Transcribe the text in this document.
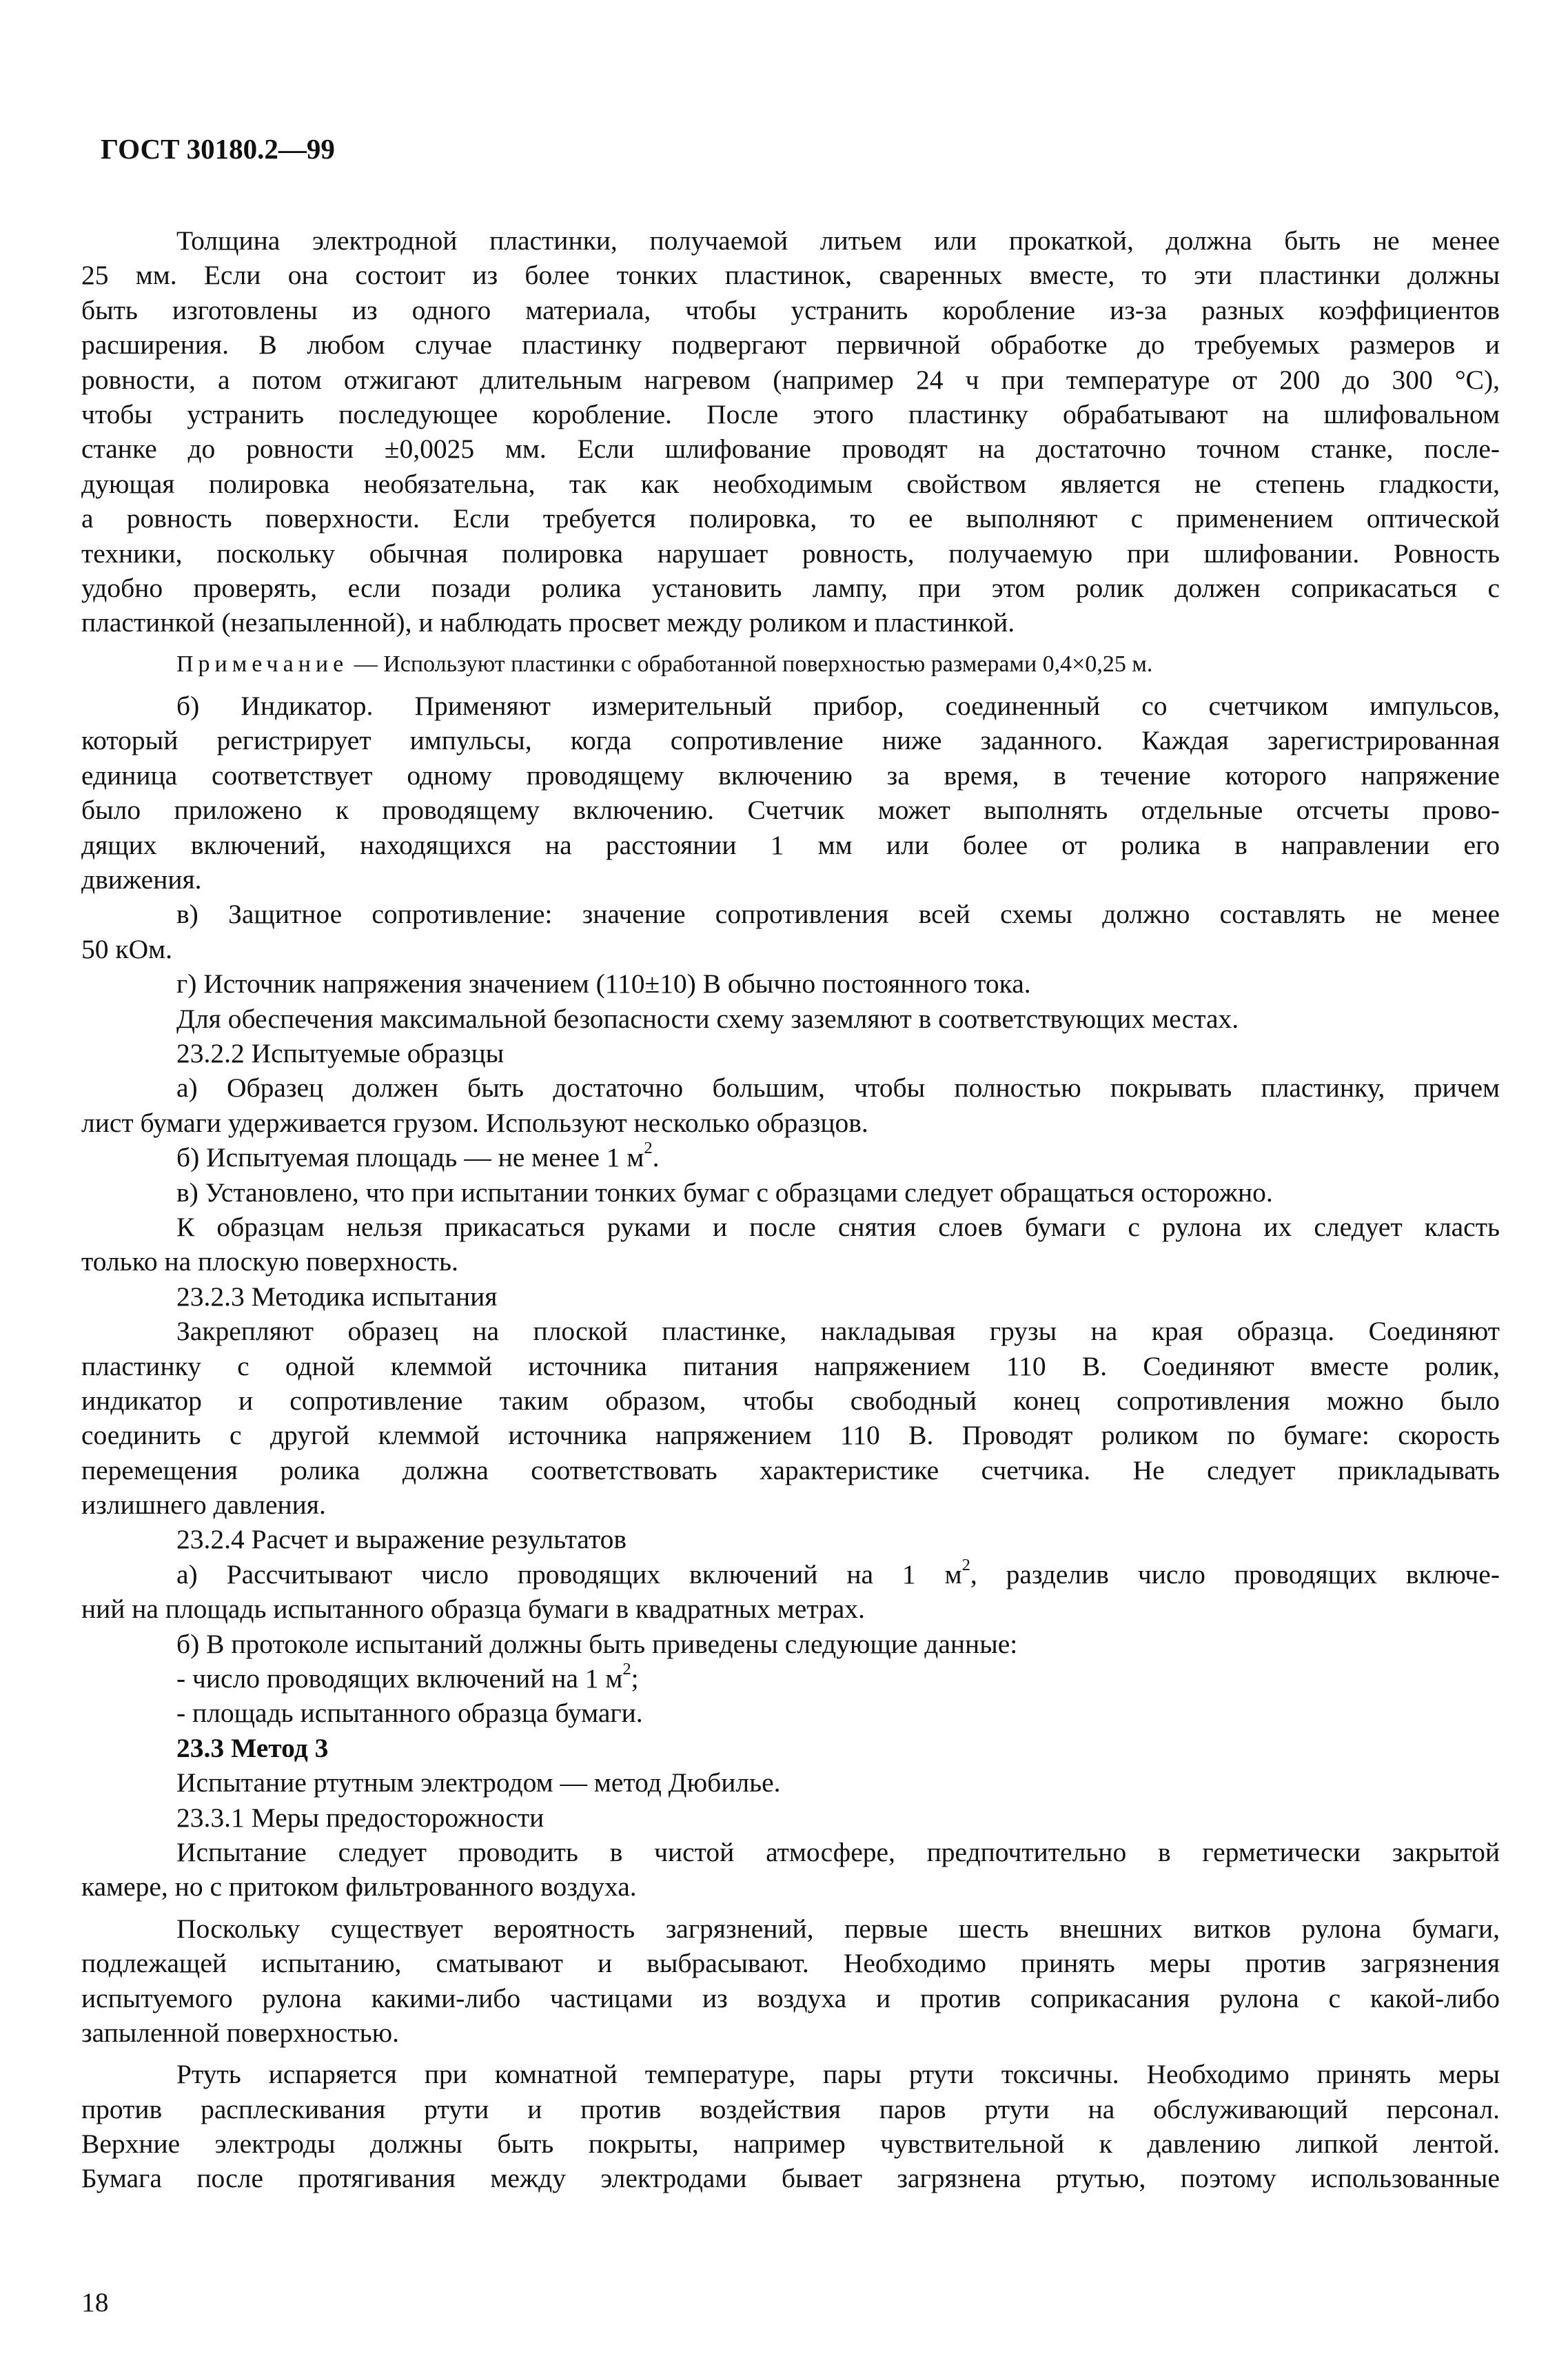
ГОСТ 30180.2—99
Толщина электродной пластинки, получаемой литьем или прокаткой, должна быть не менее
25 мм. Если она состоит из более тонких пластинок, сваренных вместе, то эти пластинки должны
быть изготовлены из одного материала, чтобы устранить коробление из-за разных коэффициентов
расширения. В любом случае пластинку подвергают первичной обработке до требуемых размеров и
ровности, а потом отжигают длительным нагревом (например 24 ч при температуре от 200 до 300 °С),
чтобы устранить последующее коробление. После этого пластинку обрабатывают на шлифовальном
станке до ровности ±0,0025 мм. Если шлифование проводят на достаточно точном станке, после-
дующая полировка необязательна, так как необходимым свойством является не степень гладкости,
а ровность поверхности. Если требуется полировка, то ее выполняют с применением оптической
техники, поскольку обычная полировка нарушает ровность, получаемую при шлифовании. Ровность
удобно проверять, если позади ролика установить лампу, при этом ролик должен соприкасаться с
пластинкой (незапыленной), и наблюдать просвет между роликом и пластинкой.
Примечание — Используют пластинки с обработанной поверхностью размерами 0,4×0,25 м.
б) Индикатор. Применяют измерительный прибор, соединенный со счетчиком импульсов,
который регистрирует импульсы, когда сопротивление ниже заданного. Каждая зарегистрированная
единица соответствует одному проводящему включению за время, в течение которого напряжение
было приложено к проводящему включению. Счетчик может выполнять отдельные отсчеты прово-
дящих включений, находящихся на расстоянии 1 мм или более от ролика в направлении его
движения.
в) Защитное сопротивление: значение сопротивления всей схемы должно составлять не менее
50 кОм.
г) Источник напряжения значением (110±10) В обычно постоянного тока.
Для обеспечения максимальной безопасности схему заземляют в соответствующих местах.
23.2.2 Испытуемые образцы
а) Образец должен быть достаточно большим, чтобы полностью покрывать пластинку, причем
лист бумаги удерживается грузом. Используют несколько образцов.
б) Испытуемая площадь — не менее 1 $м^2$.
в) Установлено, что при испытании тонких бумаг с образцами следует обращаться осторожно.
К образцам нельзя прикасаться руками и после снятия слоев бумаги с рулона их следует класть
только на плоскую поверхность.
23.2.3 Методика испытания
Закрепляют образец на плоской пластинке, накладывая грузы на края образца. Соединяют
пластинку с одной клеммой источника питания напряжением 110 В. Соединяют вместе ролик,
индикатор и сопротивление таким образом, чтобы свободный конец сопротивления можно было
соединить с другой клеммой источника напряжением 110 В. Проводят роликом по бумаге: скорость
перемещения ролика должна соответствовать характеристике счетчика. Не следует прикладывать
излишнего давления.
23.2.4 Расчет и выражение результатов
а) Рассчитывают число проводящих включений на 1 $м^2$, разделив число проводящих включе-
ний на площадь испытанного образца бумаги в квадратных метрах.
б) В протоколе испытаний должны быть приведены следующие данные:
- число проводящих включений на 1 $м^2$;
- площадь испытанного образца бумаги.
23.3 Метод 3
Испытание ртутным электродом — метод Дюбилье.
23.3.1 Меры предосторожности
Испытание следует проводить в чистой атмосфере, предпочтительно в герметически закрытой
камере, но с притоком фильтрованного воздуха.
Поскольку существует вероятность загрязнений, первые шесть внешних витков рулона бумаги,
подлежащей испытанию, сматывают и выбрасывают. Необходимо принять меры против загрязнения
испытуемого рулона какими-либо частицами из воздуха и против соприкасания рулона с какой-либо
запыленной поверхностью.
Ртуть испаряется при комнатной температуре, пары ртути токсичны. Необходимо принять меры
против расплескивания ртути и против воздействия паров ртути на обслуживающий персонал.
Верхние электроды должны быть покрыты, например чувствительной к давлению липкой лентой.
Бумага после протягивания между электродами бывает загрязнена ртутью, поэтому использованные
18
